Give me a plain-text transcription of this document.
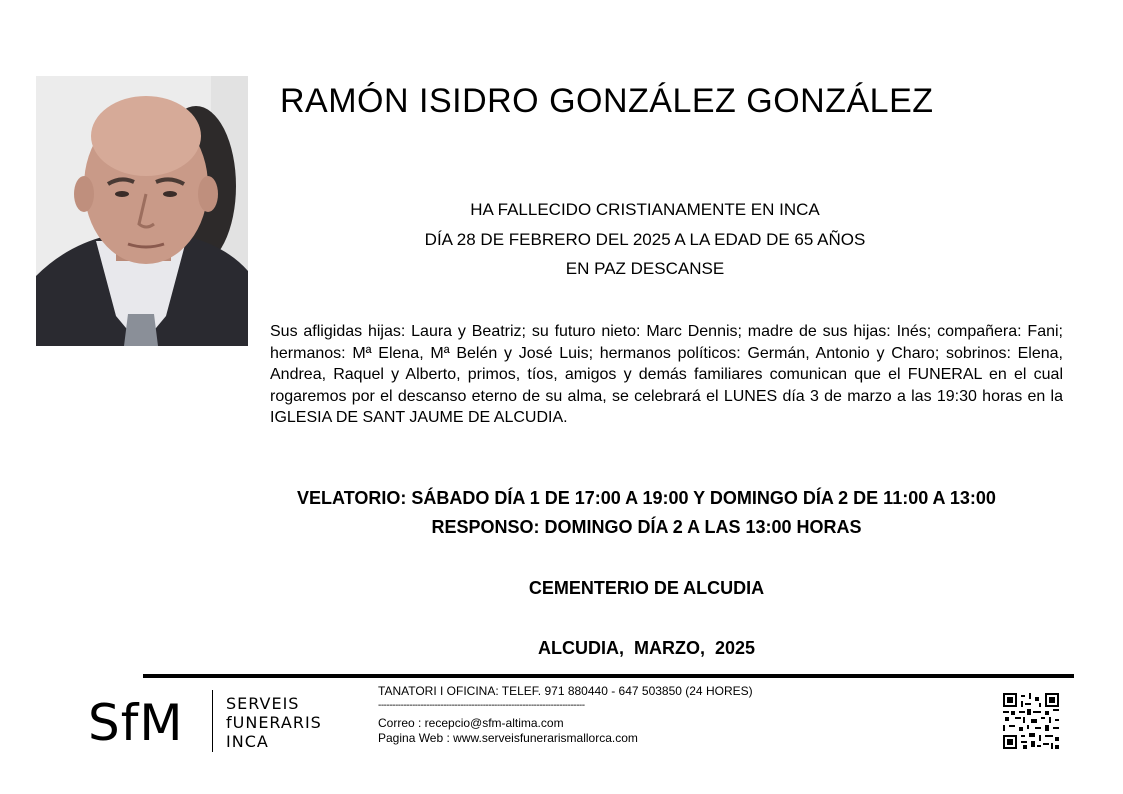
RAMÓN ISIDRO GONZÁLEZ GONZÁLEZ
HA FALLECIDO CRISTIANAMENTE EN INCA
DÍA 28 DE FEBRERO DEL 2025 A LA EDAD DE 65 AÑOS
EN PAZ DESCANSE
Sus afligidas hijas: Laura y Beatriz; su futuro nieto: Marc Dennis; madre de sus hijas: Inés; compañera: Fani; hermanos: Mª Elena, Mª Belén y José Luis; hermanos políticos: Germán, Antonio y Charo; sobrinos: Elena, Andrea, Raquel y Alberto, primos, tíos, amigos y demás familiares comunican que el FUNERAL en el cual rogaremos por el descanso eterno de su alma, se celebrará el LUNES día 3 de marzo a las 19:30 horas en la IGLESIA DE SANT JAUME DE ALCUDIA.
VELATORIO: SÁBADO DÍA 1 DE 17:00 A 19:00 Y DOMINGO DÍA 2 DE 11:00 A 13:00
RESPONSO: DOMINGO DÍA 2 A LAS 13:00 HORAS
CEMENTERIO DE ALCUDIA
ALCUDIA,  MARZO,  2025
SfM	SERVEIS
fUNERARIS
INCA
TANATORI I OFICINA: TELEF. 971 880440 - 647 503850 (24 HORES)
-------------------------------------------------------------------------
Correo : recepcio@sfm-altima.com
Pagina Web : www.serveisfunerarismallorca.com
